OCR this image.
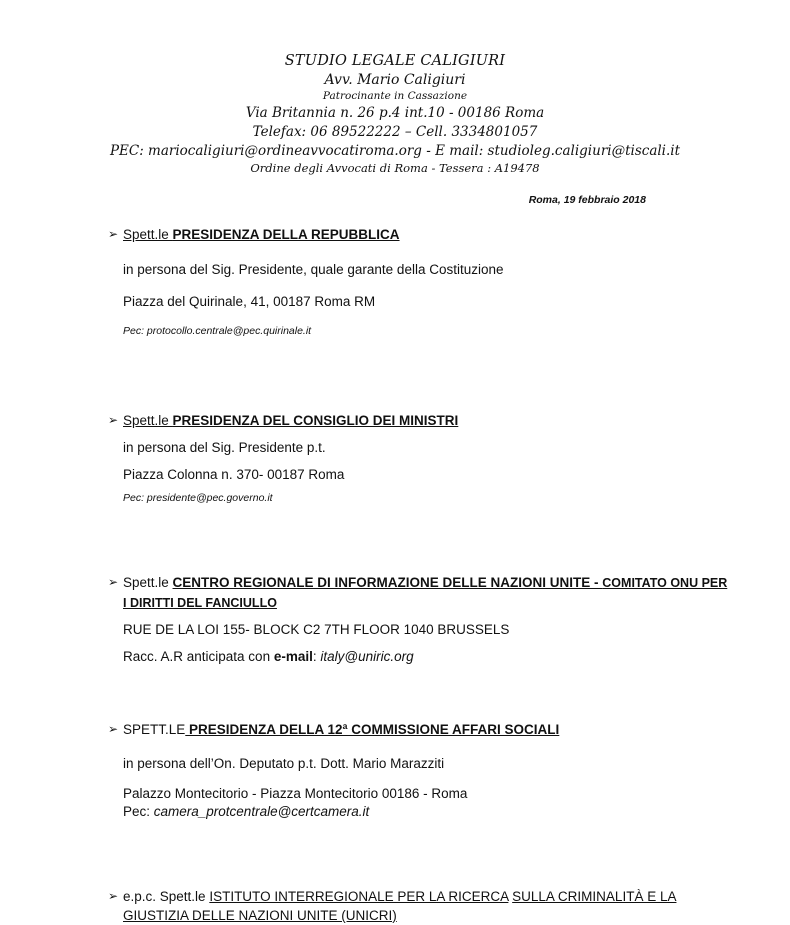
STUDIO LEGALE CALIGIURI
Avv. Mario Caligiuri
Patrocinante in Cassazione
Via Britannia n. 26 p.4 int.10 - 00186 Roma
Telefax: 06 89522222 – Cell. 3334801057
PEC: mariocaligiuri@ordineavvocatiroma.org - E mail: studioleg.caligiuri@tiscali.it
Ordine degli Avvocati di Roma - Tessera : A19478
Roma, 19 febbraio 2018
➢ Spett.le PRESIDENZA DELLA REPUBBLICA
in persona del Sig. Presidente, quale garante della Costituzione
Piazza del Quirinale, 41, 00187 Roma RM
Pec: protocollo.centrale@pec.quirinale.it
➢ Spett.le PRESIDENZA DEL CONSIGLIO DEI MINISTRI
in persona del Sig. Presidente p.t.
Piazza Colonna n. 370- 00187 Roma
Pec: presidente@pec.governo.it
➢ Spett.le CENTRO REGIONALE DI INFORMAZIONE DELLE NAZIONI UNITE - COMITATO ONU PER I DIRITTI DEL FANCIULLO
RUE DE LA LOI 155- BLOCK C2 7TH FLOOR 1040 BRUSSELS
Racc. A.R anticipata con e-mail: italy@uniric.org
➢ SPETT.LE PRESIDENZA DELLA 12ª COMMISSIONE AFFARI SOCIALI
in persona dell’On. Deputato p.t. Dott. Mario Marazziti
Palazzo Montecitorio - Piazza Montecitorio 00186 - Roma
Pec: camera_protcentrale@certcamera.it
➢ e.p.c. Spett.le ISTITUTO INTERREGIONALE PER LA RICERCA SULLA CRIMINALITÀ E LA GIUSTIZIA DELLE NAZIONI UNITE (UNICRI)
